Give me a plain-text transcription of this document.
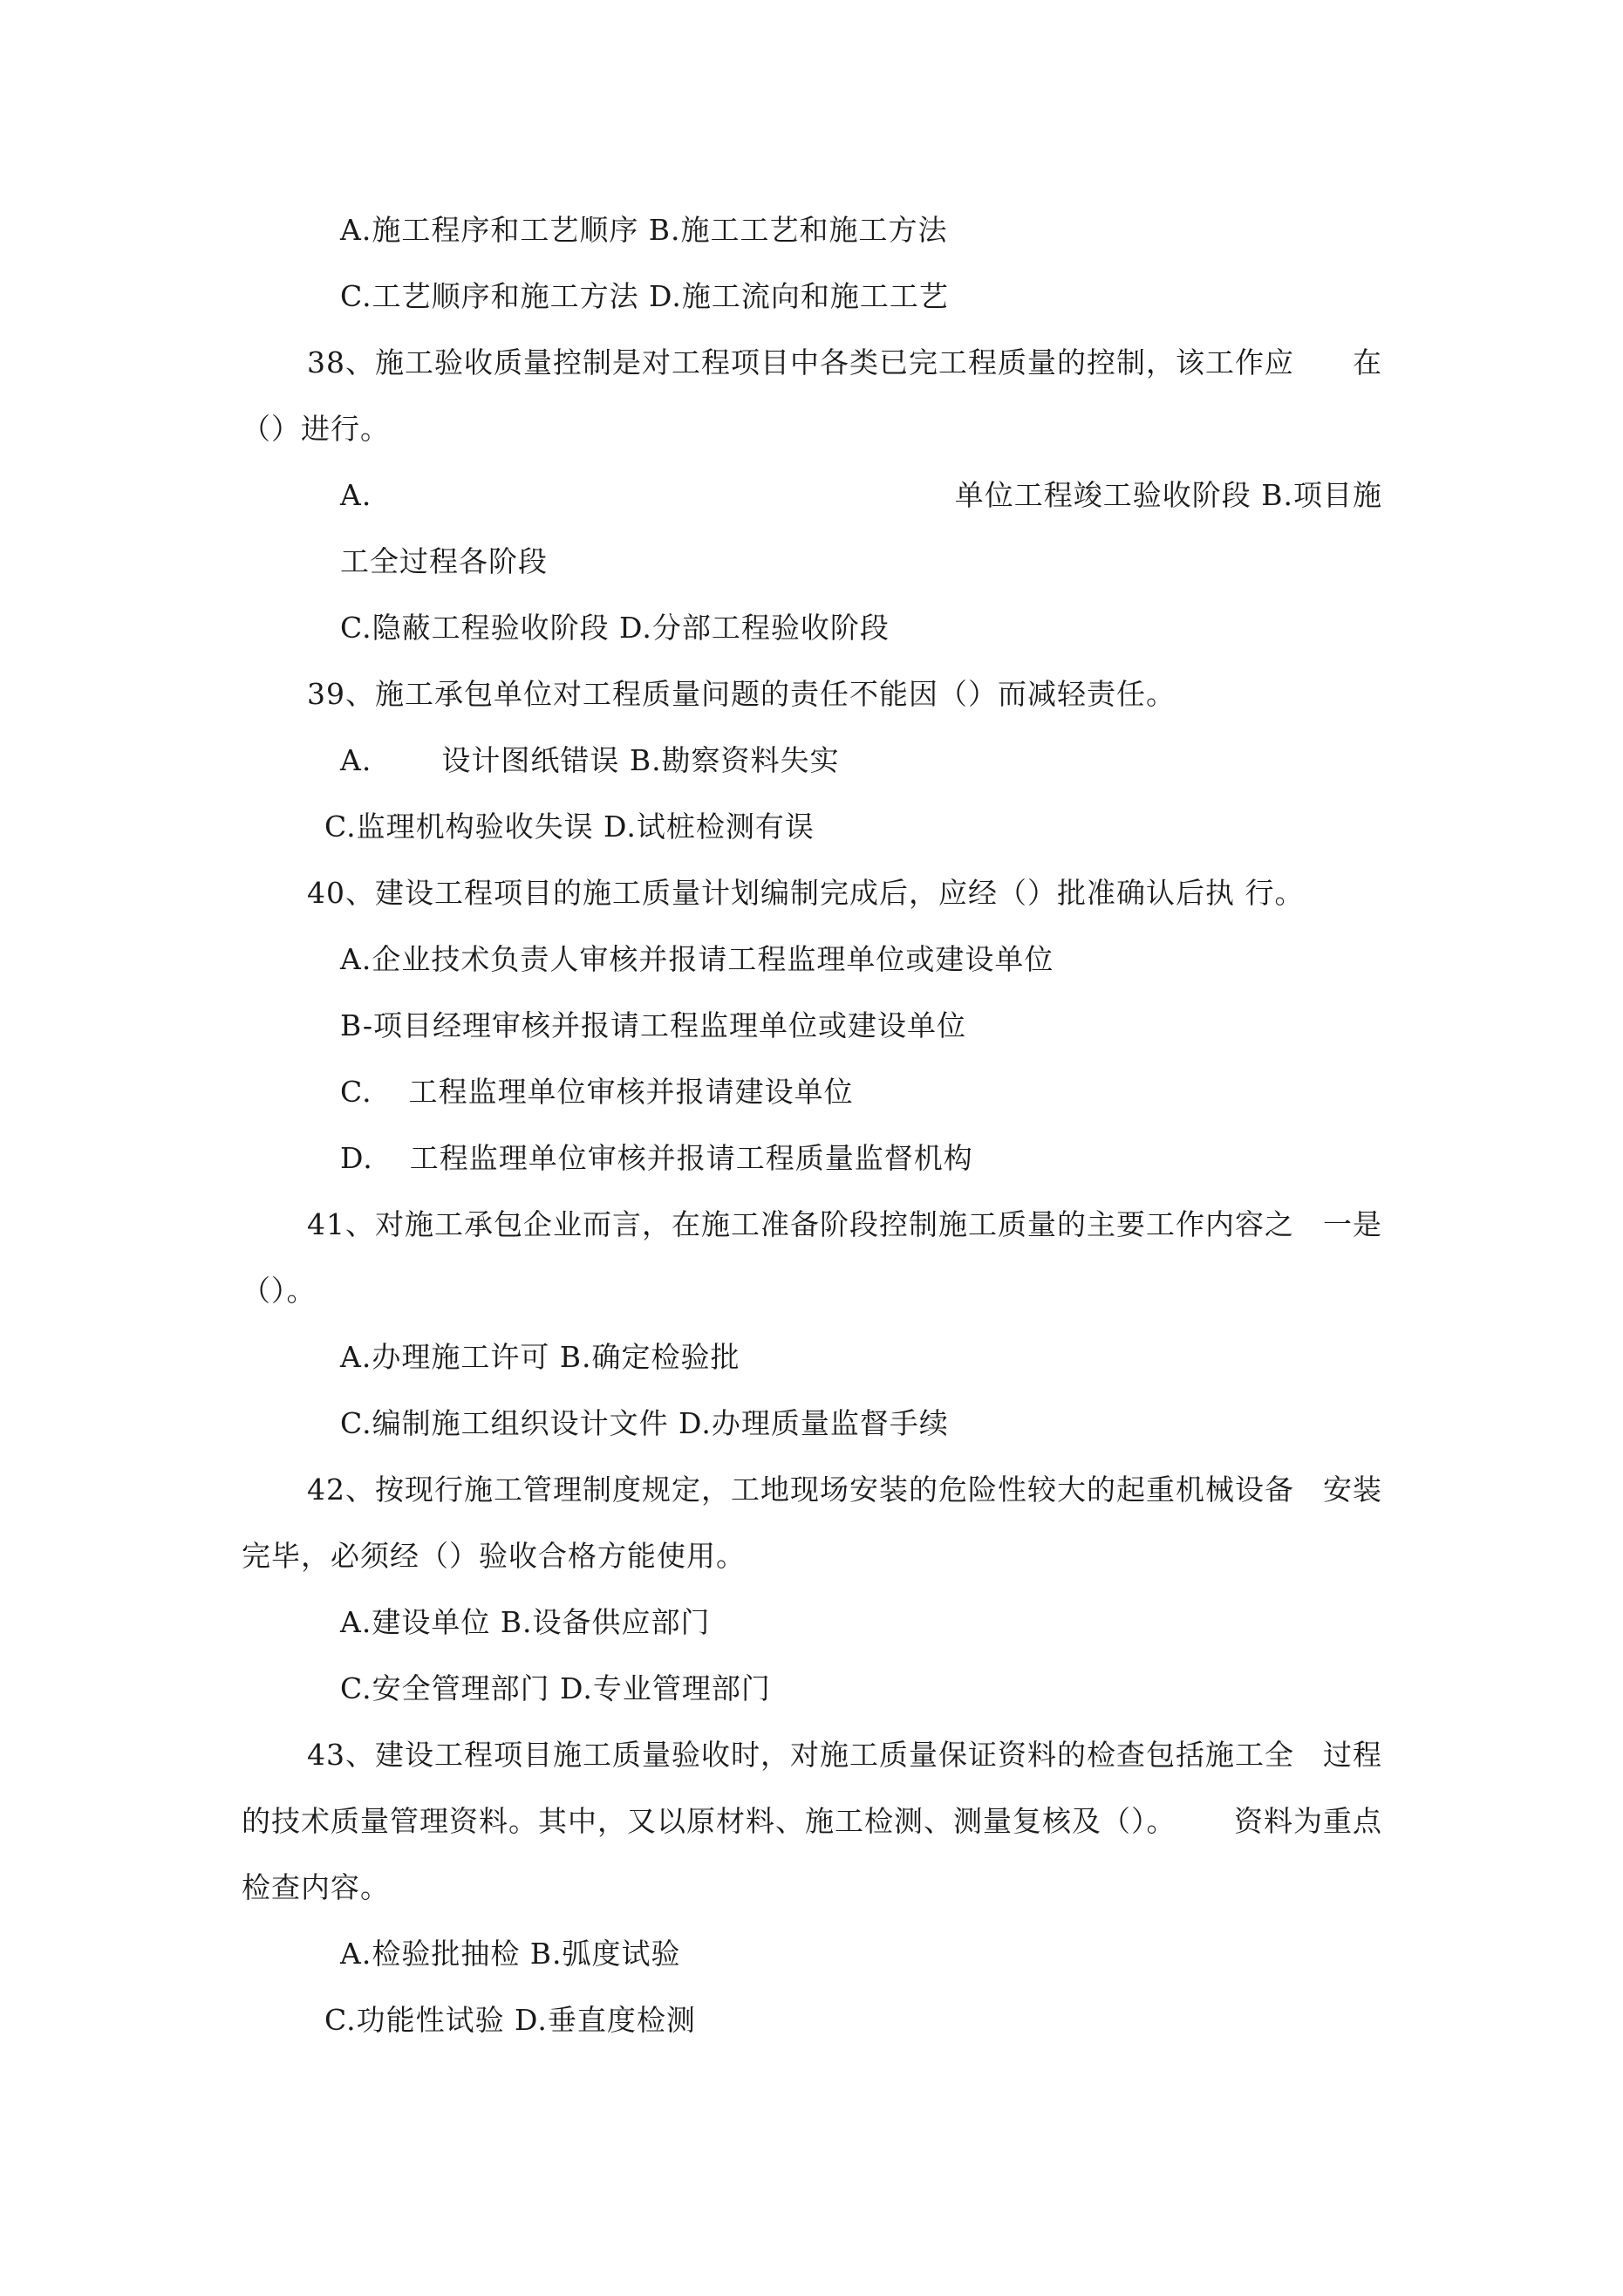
A.施工程序和工艺顺序 B.施工工艺和施工方法
C.工艺顺序和施工方法 D.施工流向和施工工艺
38、施工验收质量控制是对工程项目中各类已完工程质量的控制，该工作应 在
（）进行。
A.	单位工程竣工验收阶段 B.项目施
工全过程各阶段
C.隐蔽工程验收阶段 D.分部工程验收阶段
39、施工承包单位对工程质量问题的责任不能因（）而减轻责任。
A. 设计图纸错误 B.勘察资料失实
C.监理机构验收失误 D.试桩检测有误
40、建设工程项目的施工质量计划编制完成后，应经（）批准确认后执 行。
A.企业技术负责人审核并报请工程监理单位或建设单位
B-项目经理审核并报请工程监理单位或建设单位
C. 工程监理单位审核并报请建设单位
D. 工程监理单位审核并报请工程质量监督机构
41、对施工承包企业而言，在施工准备阶段控制施工质量的主要工作内容之 一是
（）。
A.办理施工许可 B.确定检验批
C.编制施工组织设计文件 D.办理质量监督手续
42、按现行施工管理制度规定，工地现场安装的危险性较大的起重机械设备 安装
完毕，必须经（）验收合格方能使用。
A.建设单位 B.设备供应部门
C.安全管理部门 D.专业管理部门
43、建设工程项目施工质量验收时，对施工质量保证资料的检查包括施工全 过程
的技术质量管理资料。其中，又以原材料、施工检测、测量复核及（）。 资料为重点
检查内容。
A.检验批抽检 B.弧度试验
C.功能性试验 D.垂直度检测
